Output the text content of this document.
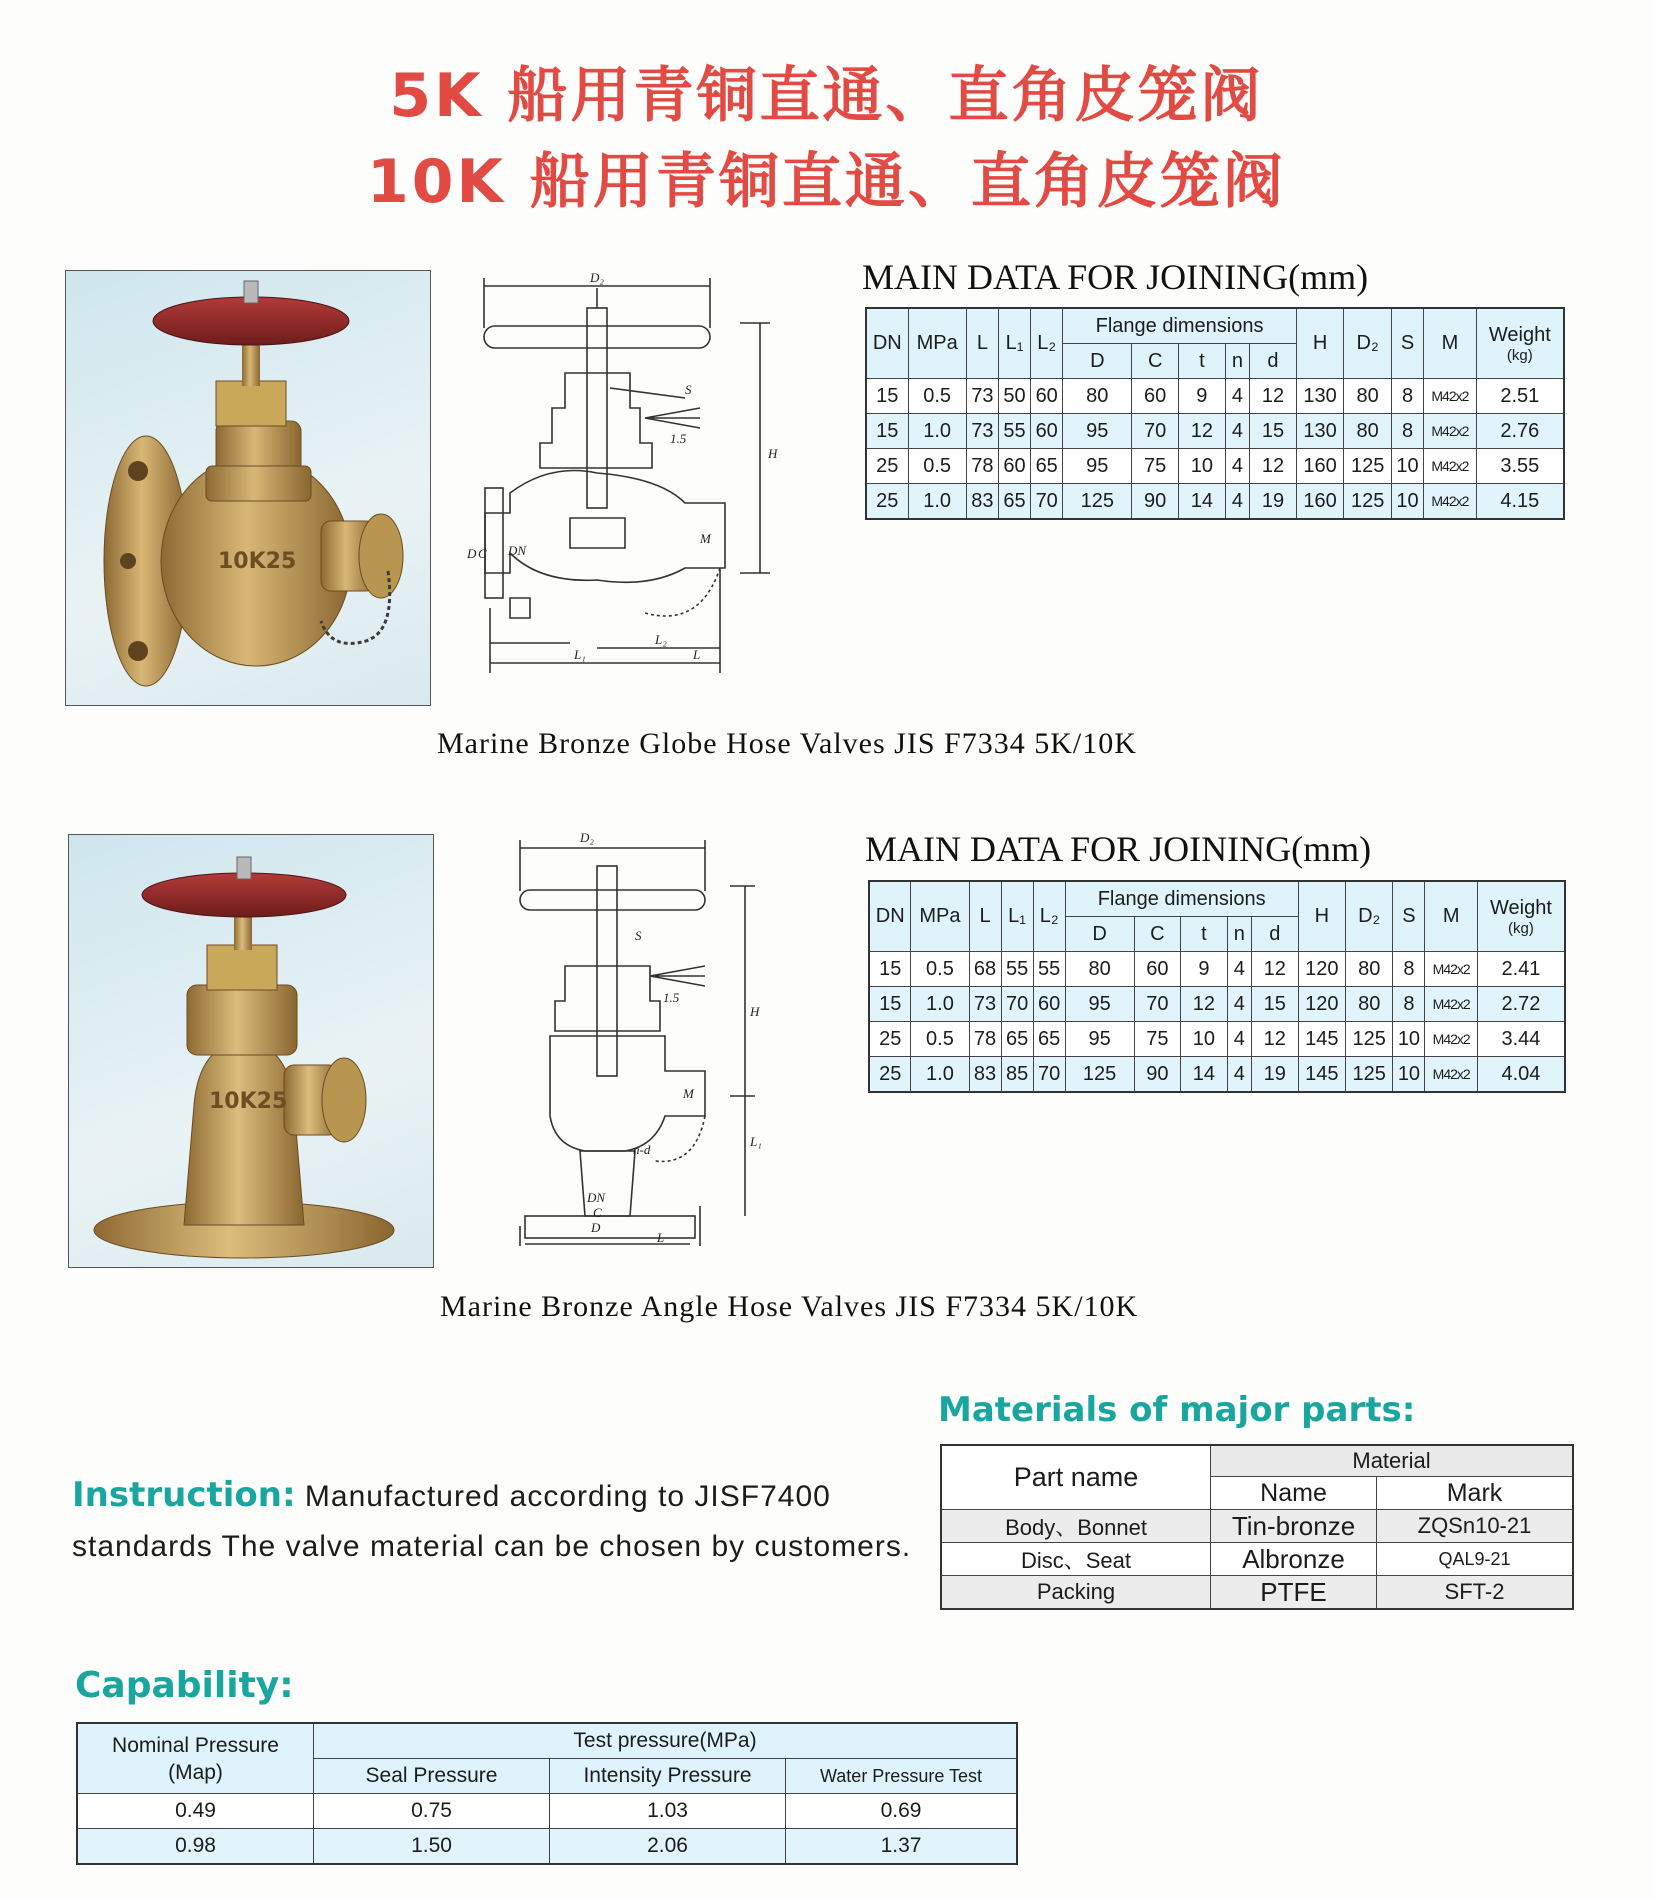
5K 船用青铜直通、直角皮笼阀
10K 船用青铜直通、直角皮笼阀
10K25
D₂
S
1.5
H
L
L₁
L₂
D C DN
M
MAIN DATA FOR JOINING(mm)
DN	MPa	L	L₁	L₂	Flange dimensions					H	D₂	S	M	Weight
(kg)

					D	C	t	n	d					
15	0.5	73	50	60	80	60	9	4	12	130	80	8	M42x2	2.51
15	1.0	73	55	60	95	70	12	4	15	130	80	8	M42x2	2.76
25	0.5	78	60	65	95	75	10	4	12	160	125	10	M42x2	3.55
25	1.0	83	65	70	125	90	14	4	19	160	125	10	M42x2	4.15
Marine Bronze Globe Hose Valves JIS F7334 5K/10K
10K25
D₂
S
1.5
H
L₁
L
n-d
DN
C
D
M
MAIN DATA FOR JOINING(mm)
DN	MPa	L	L₁	L₂	Flange dimensions					H	D₂	S	M	Weight
(kg)

					D	C	t	n	d					
15	0.5	68	55	55	80	60	9	4	12	120	80	8	M42x2	2.41
15	1.0	73	70	60	95	70	12	4	15	120	80	8	M42x2	2.72
25	0.5	78	65	65	95	75	10	4	12	145	125	10	M42x2	3.44
25	1.0	83	85	70	125	90	14	4	19	145	125	10	M42x2	4.04
Marine Bronze Angle Hose Valves JIS F7334 5K/10K
Materials of major parts:
Part name	Material	
	Name	Mark
Body、Bonnet	Tin-bronze	ZQSn10-21
Disc、Seat	Albronze	QAL9-21
Packing	PTFE	SFT-2
Instruction: Manufactured according to JISF7400 standards The valve material can be chosen by customers.
Capability:
Nominal Pressure
(Map)	Test pressure(MPa)		
	Seal Pressure	Intensity Pressure	Water Pressure Test
0.49	0.75	1.03	0.69
0.98	1.50	2.06	1.37
